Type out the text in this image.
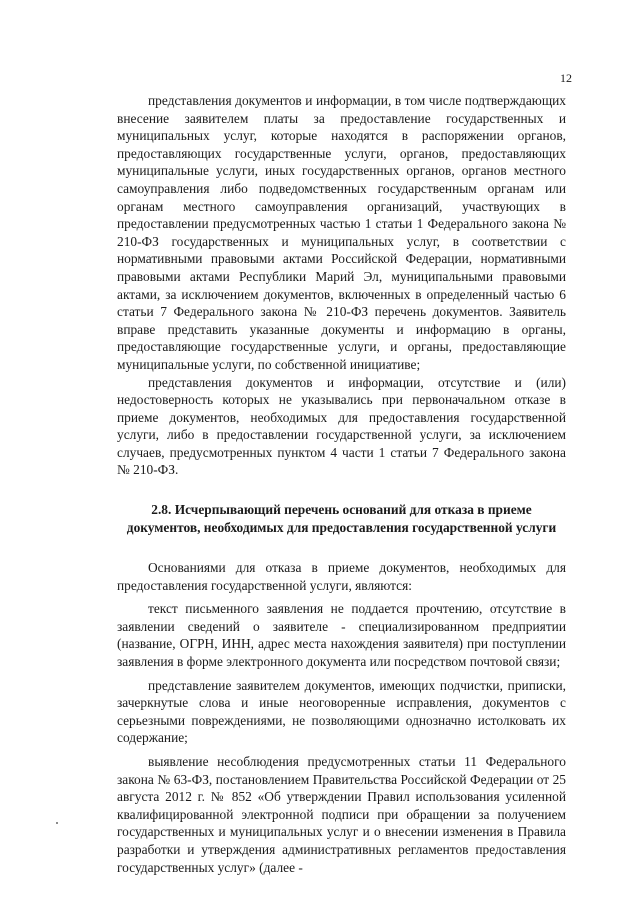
12

представления документов и информации, в том числе подтверждающих внесение заявителем платы за предоставление государственных и муниципальных услуг, которые находятся в распоряжении органов, предоставляющих государственные услуги, органов, предоставляющих муниципальные услуги, иных государственных органов, органов местного самоуправления либо подведомственных государственным органам или органам местного самоуправления организаций, участвующих в предоставлении предусмотренных частью 1 статьи 1 Федерального закона № 210-ФЗ государственных и муниципальных услуг, в соответствии с нормативными правовыми актами Российской Федерации, нормативными правовыми актами Республики Марий Эл, муниципальными правовыми актами, за исключением документов, включенных в определенный частью 6 статьи 7 Федерального закона № 210-ФЗ перечень документов. Заявитель вправе представить указанные документы и информацию в органы, предоставляющие государственные услуги, и органы, предоставляющие муниципальные услуги, по собственной инициативе;

представления документов и информации, отсутствие и (или) недостоверность которых не указывались при первоначальном отказе в приеме документов, необходимых для предоставления государственной услуги, либо в предоставлении государственной услуги, за исключением случаев, предусмотренных пунктом 4 части 1 статьи 7 Федерального закона № 210-ФЗ.

2.8. Исчерпывающий перечень оснований для отказа в приеме
документов, необходимых для предоставления государственной услуги

Основаниями для отказа в приеме документов, необходимых для предоставления государственной услуги, являются:

текст письменного заявления не поддается прочтению, отсутствие в заявлении сведений о заявителе - специализированном предприятии (название, ОГРН, ИНН, адрес места нахождения заявителя) при поступлении заявления в форме электронного документа или посредством почтовой связи;

представление заявителем документов, имеющих подчистки, приписки, зачеркнутые слова и иные неоговоренные исправления, документов с серьезными повреждениями, не позволяющими однозначно истолковать их содержание;

выявление несоблюдения предусмотренных статьи 11 Федерального закона № 63-ФЗ, постановлением Правительства Российской Федерации от 25 августа 2012 г. № 852 «Об утверждении Правил использования усиленной квалифицированной электронной подписи при обращении за получением государственных и муниципальных услуг и о внесении изменения в Правила разработки и утверждения административных регламентов предоставления государственных услуг» (далее -
